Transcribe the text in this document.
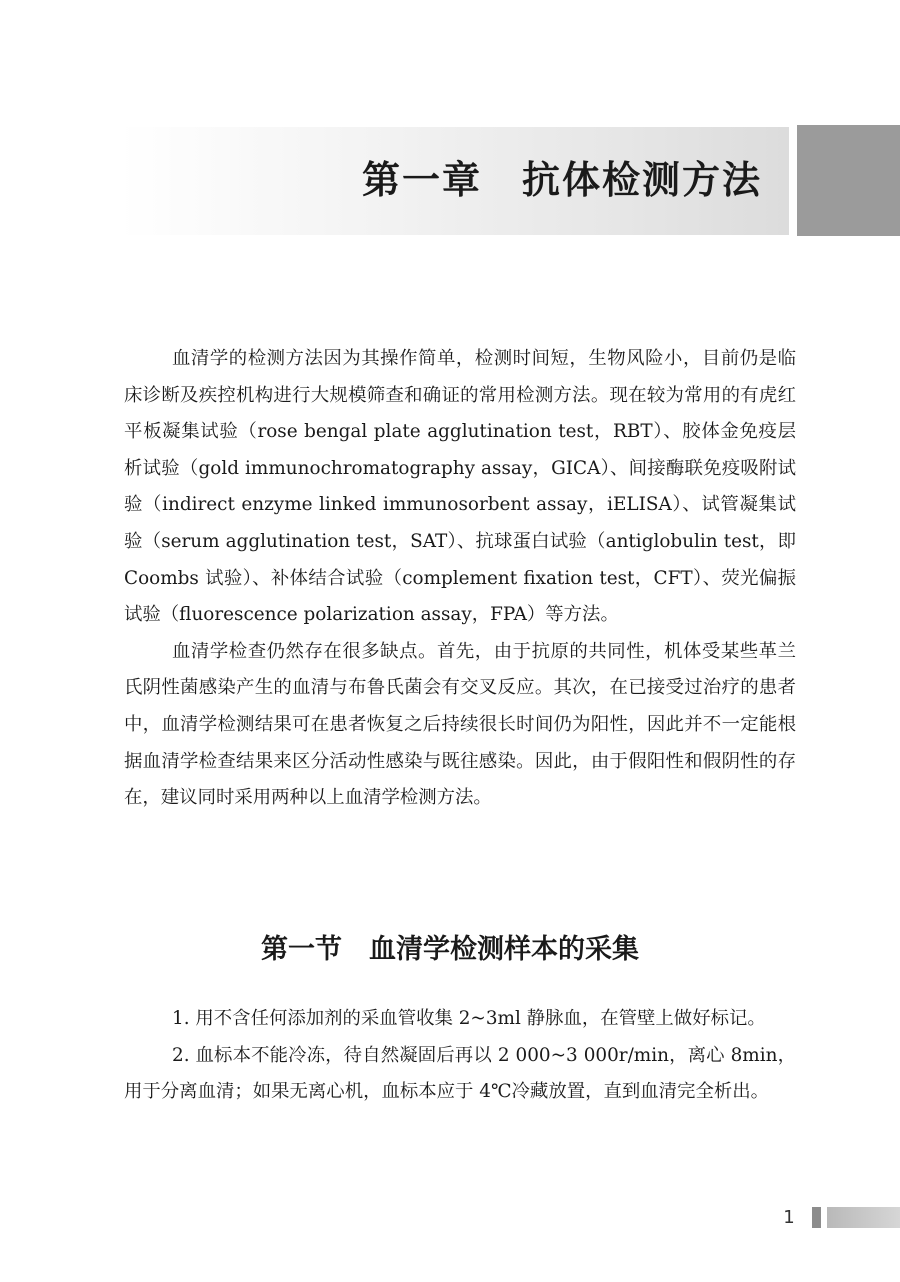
第一章　抗体检测方法

血清学的检测方法因为其操作简单，检测时间短，生物风险小，目前仍是临床诊断及疾控机构进行大规模筛查和确证的常用检测方法。现在较为常用的有虎红平板凝集试验（rose bengal plate agglutination test，RBT）、胶体金免疫层析试验（gold immunochromatography assay，GICA）、间接酶联免疫吸附试验（indirect enzyme linked immunosorbent assay，iELISA）、试管凝集试验（serum agglutination test，SAT）、抗球蛋白试验（antiglobulin test，即 Coombs 试验）、补体结合试验（complement fixation test，CFT）、荧光偏振试验（fluorescence polarization assay，FPA）等方法。

血清学检查仍然存在很多缺点。首先，由于抗原的共同性，机体受某些革兰氏阴性菌感染产生的血清与布鲁氏菌会有交叉反应。其次，在已接受过治疗的患者中，血清学检测结果可在患者恢复之后持续很长时间仍为阳性，因此并不一定能根据血清学检查结果来区分活动性感染与既往感染。因此，由于假阳性和假阴性的存在，建议同时采用两种以上血清学检测方法。

第一节　血清学检测样本的采集

1. 用不含任何添加剂的采血管收集 2~3ml 静脉血，在管壁上做好标记。

2. 血标本不能冷冻，待自然凝固后再以 2 000~3 000r/min，离心 8min，用于分离血清；如果无离心机，血标本应于 4℃冷藏放置，直到血清完全析出。

1
